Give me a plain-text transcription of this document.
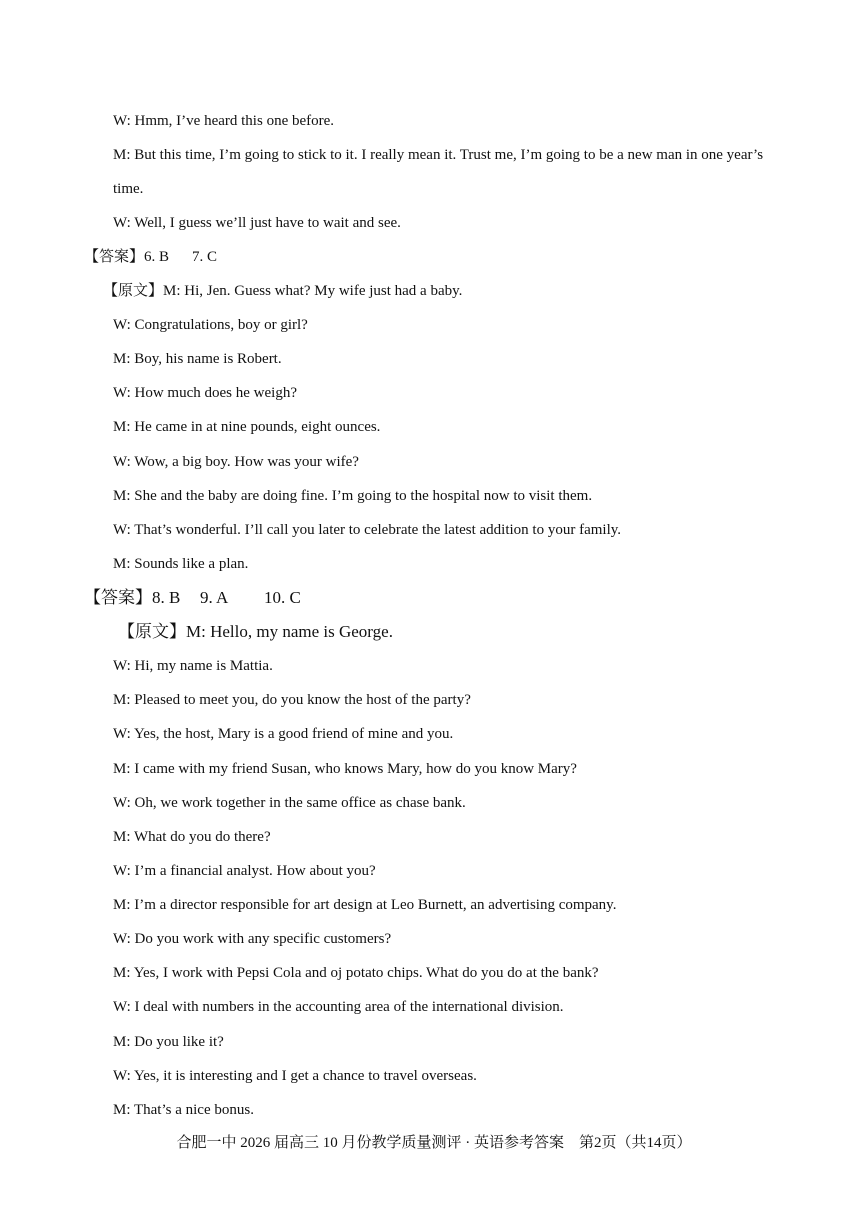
W: Hmm, I’ve heard this one before.
M: But this time, I’m going to stick to it. I really mean it. Trust me, I’m going to be a new man in one year’s
time.
W: Well, I guess we’ll just have to wait and see.
【答案】6. B 7. C
【原文】M: Hi, Jen. Guess what? My wife just had a baby.
W: Congratulations, boy or girl?
M: Boy, his name is Robert.
W: How much does he weigh?
M: He came in at nine pounds, eight ounces.
W: Wow, a big boy. How was your wife?
M: She and the baby are doing fine. I’m going to the hospital now to visit them.
W: That’s wonderful. I’ll call you later to celebrate the latest addition to your family.
M: Sounds like a plan.
【答案】8. B 9. A 10. C
【原文】M: Hello, my name is George.
W: Hi, my name is Mattia.
M: Pleased to meet you, do you know the host of the party?
W: Yes, the host, Mary is a good friend of mine and you.
M: I came with my friend Susan, who knows Mary, how do you know Mary?
W: Oh, we work together in the same office as chase bank.
M: What do you do there?
W: I’m a financial analyst. How about you?
M: I’m a director responsible for art design at Leo Burnett, an advertising company.
W: Do you work with any specific customers?
M: Yes, I work with Pepsi Cola and oj potato chips. What do you do at the bank?
W: I deal with numbers in the accounting area of the international division.
M: Do you like it?
W: Yes, it is interesting and I get a chance to travel overseas.
M: That’s a nice bonus.
合肥一中 2026 届高三 10 月份教学质量测评 · 英语参考答案　第2页（共14页）
